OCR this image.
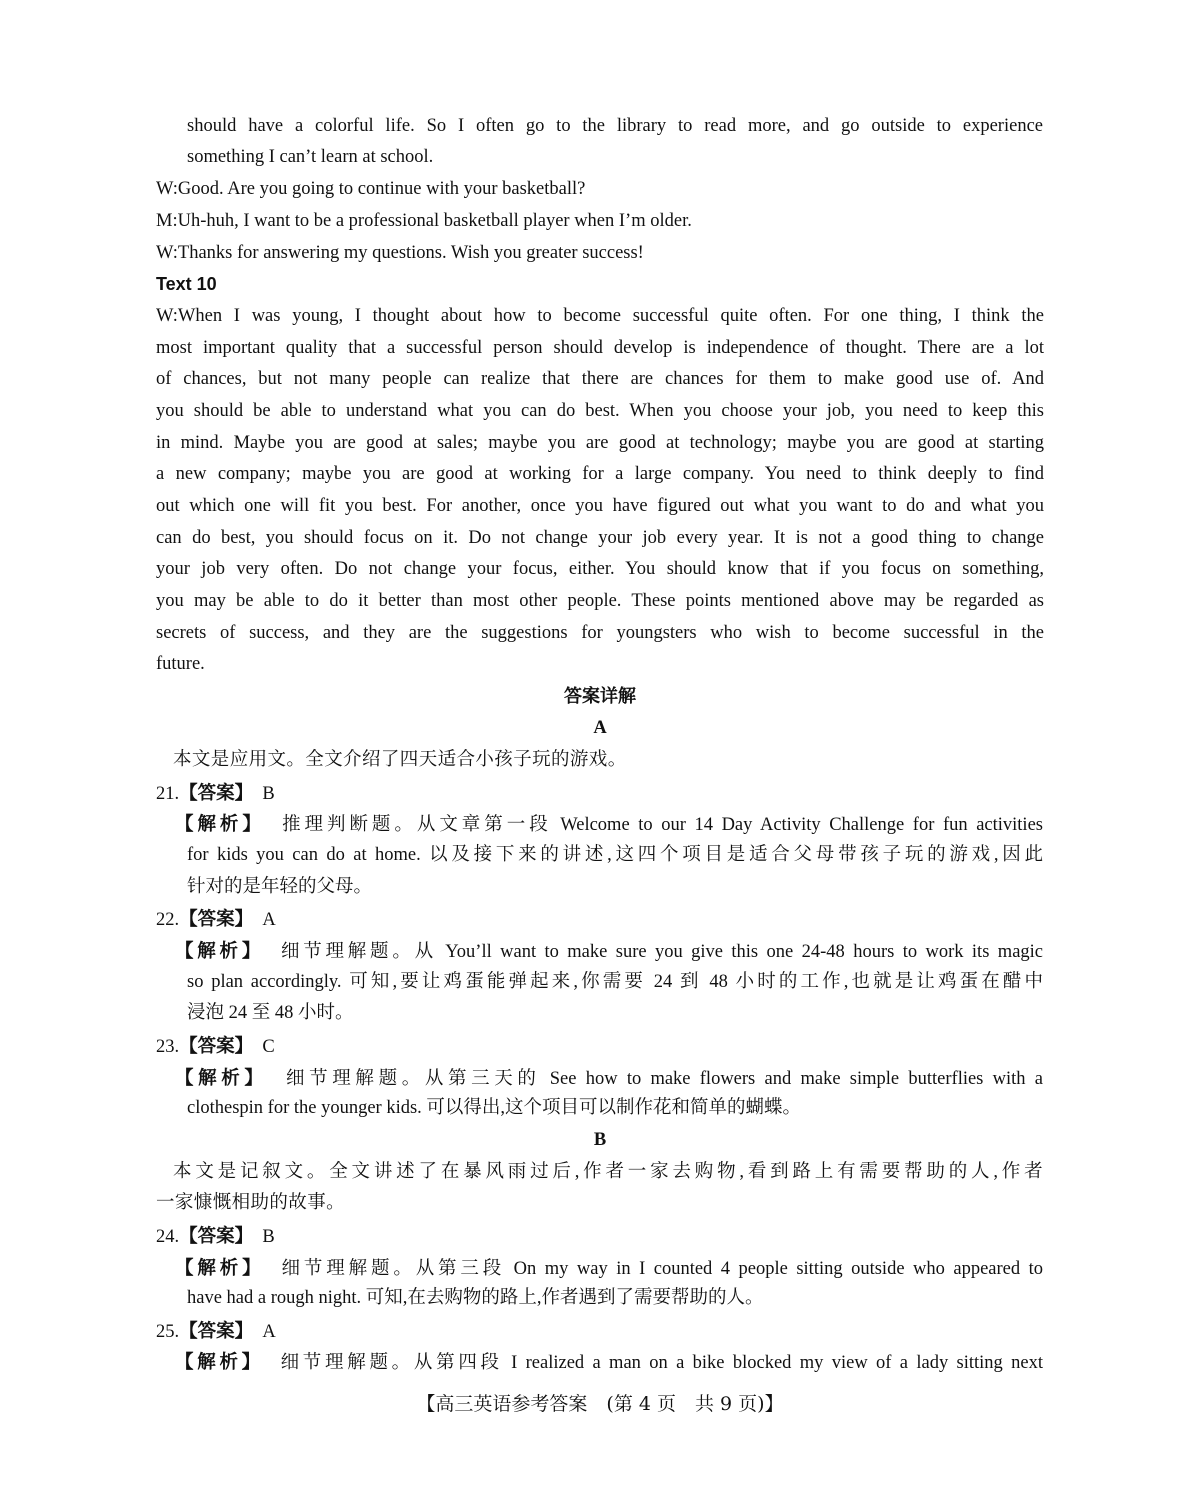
should have a colorful life. So I often go to the library to read more, and go outside to experience
something I can’t learn at school.
W:Good. Are you going to continue with your basketball?
M:Uh-huh, I want to be a professional basketball player when I’m older.
W:Thanks for answering my questions. Wish you greater success!
Text 10
W:When I was young, I thought about how to become successful quite often. For one thing, I think the
most important quality that a successful person should develop is independence of thought. There are a lot
of chances, but not many people can realize that there are chances for them to make good use of. And
you should be able to understand what you can do best. When you choose your job, you need to keep this
in mind. Maybe you are good at sales; maybe you are good at technology; maybe you are good at starting
a new company; maybe you are good at working for a large company. You need to think deeply to find
out which one will fit you best. For another, once you have figured out what you want to do and what you
can do best, you should focus on it. Do not change your job every year. It is not a good thing to change
your job very often. Do not change your focus, either. You should know that if you focus on something,
you may be able to do it better than most other people. These points mentioned above may be regarded as
secrets of success, and they are the suggestions for youngsters who wish to become successful in the
future.
答案详解
A
本文是应用文。全文介绍了四天适合小孩子玩的游戏。
21.【答案】 B
【解析】 推理判断题。从文章第一段 Welcome to our 14 Day Activity Challenge for fun activities
for kids you can do at home. 以及接下来的讲述,这四个项目是适合父母带孩子玩的游戏,因此
针对的是年轻的父母。
22.【答案】 A
【解析】 细节理解题。从 You’ll want to make sure you give this one 24-48 hours to work its magic
so plan accordingly. 可知,要让鸡蛋能弹起来,你需要 24 到 48 小时的工作,也就是让鸡蛋在醋中
浸泡 24 至 48 小时。
23.【答案】 C
【解析】 细节理解题。从第三天的 See how to make flowers and make simple butterflies with a
clothespin for the younger kids. 可以得出,这个项目可以制作花和简单的蝴蝶。
B
本文是记叙文。全文讲述了在暴风雨过后,作者一家去购物,看到路上有需要帮助的人,作者
一家慷慨相助的故事。
24.【答案】 B
【解析】 细节理解题。从第三段 On my way in I counted 4 people sitting outside who appeared to
have had a rough night. 可知,在去购物的路上,作者遇到了需要帮助的人。
25.【答案】 A
【解析】 细节理解题。从第四段 I realized a man on a bike blocked my view of a lady sitting next
【高三英语参考答案　(第 4 页　共 9 页)】
